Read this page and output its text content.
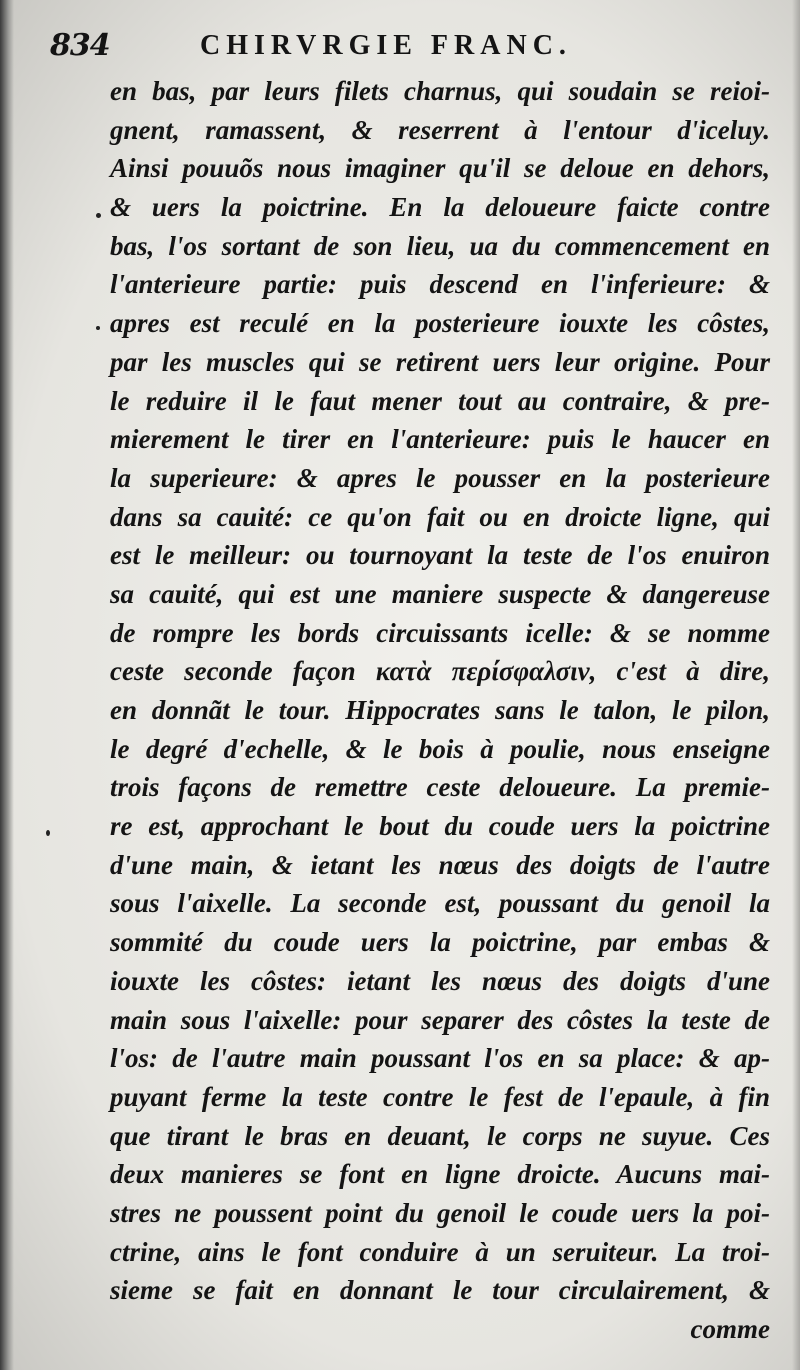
834	CHIRVRGIE FRANC.
en bas, par leurs filets charnus, qui soudain se reioi-
gnent, ramassent, & reserrent à l'entour d'iceluy.
Ainsi pouuõs nous imaginer qu'il se deloue en dehors,
& uers la poictrine. En la deloueure faicte contre
bas, l'os sortant de son lieu, ua du commencement en
l'anterieure partie: puis descend en l'inferieure: &
apres est reculé en la posterieure iouxte les côstes,
par les muscles qui se retirent uers leur origine. Pour
le reduire il le faut mener tout au contraire, & pre-
mierement le tirer en l'anterieure: puis le haucer en
la superieure: & apres le pousser en la posterieure
dans sa cauité: ce qu'on fait ou en droicte ligne, qui
est le meilleur: ou tournoyant la teste de l'os enuiron
sa cauité, qui est une maniere suspecte & dangereuse
de rompre les bords circuissants icelle: & se nomme
ceste seconde façon κατὰ περίσφαλσιν, c'est à dire,
en donnãt le tour. Hippocrates sans le talon, le pilon,
le degré d'echelle, & le bois à poulie, nous enseigne
trois façons de remettre ceste deloueure. La premie-
re est, approchant le bout du coude uers la poictrine
d'une main, & ietant les nœus des doigts de l'autre
sous l'aixelle. La seconde est, poussant du genoil la
sommité du coude uers la poictrine, par embas &
iouxte les côstes: ietant les nœus des doigts d'une
main sous l'aixelle: pour separer des côstes la teste de
l'os: de l'autre main poussant l'os en sa place: & ap-
puyant ferme la teste contre le fest de l'epaule, à fin
que tirant le bras en deuant, le corps ne suyue. Ces
deux manieres se font en ligne droicte. Aucuns mai-
stres ne poussent point du genoil le coude uers la poi-
ctrine, ains le font conduire à un seruiteur. La troi-
sieme se fait en donnant le tour circulairement, &
comme
